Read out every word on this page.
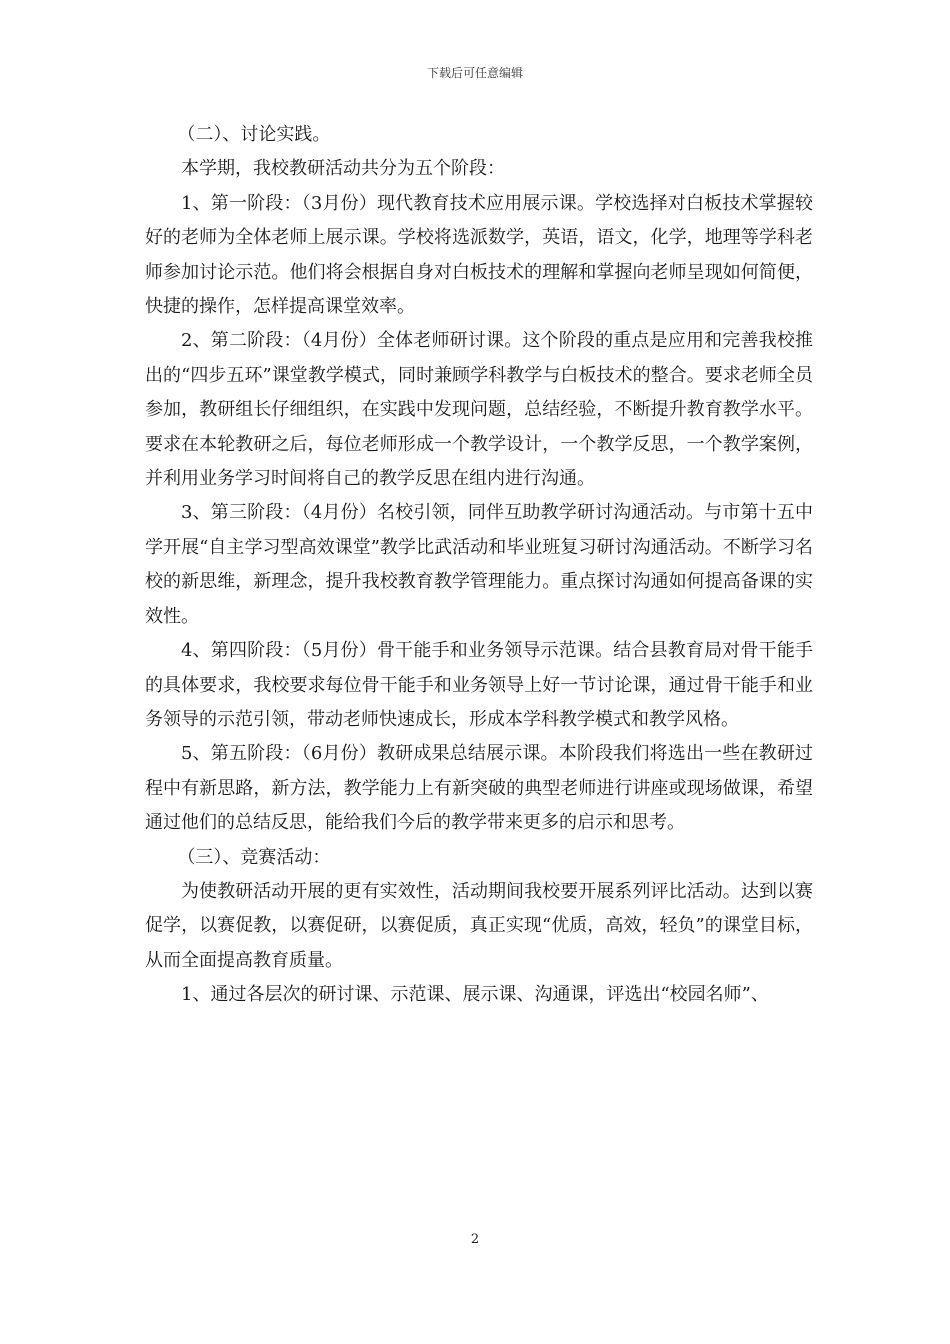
下载后可任意编辑

（二）、讨论实践。

本学期，我校教研活动共分为五个阶段：

1、第一阶段：（3月份）现代教育技术应用展示课。学校选择对白板技术掌握较好的老师为全体老师上展示课。学校将选派数学，英语，语文，化学，地理等学科老师参加讨论示范。他们将会根据自身对白板技术的理解和掌握向老师呈现如何简便，快捷的操作，怎样提高课堂效率。

2、第二阶段：（4月份）全体老师研讨课。这个阶段的重点是应用和完善我校推出的“四步五环”课堂教学模式，同时兼顾学科教学与白板技术的整合。要求老师全员参加，教研组长仔细组织，在实践中发现问题，总结经验，不断提升教育教学水平。要求在本轮教研之后，每位老师形成一个教学设计，一个教学反思，一个教学案例，并利用业务学习时间将自己的教学反思在组内进行沟通。

3、第三阶段：（4月份）名校引领，同伴互助教学研讨沟通活动。与市第十五中学开展“自主学习型高效课堂”教学比武活动和毕业班复习研讨沟通活动。不断学习名校的新思维，新理念，提升我校教育教学管理能力。重点探讨沟通如何提高备课的实效性。

4、第四阶段：（5月份）骨干能手和业务领导示范课。结合县教育局对骨干能手的具体要求，我校要求每位骨干能手和业务领导上好一节讨论课，通过骨干能手和业务领导的示范引领，带动老师快速成长，形成本学科教学模式和教学风格。

5、第五阶段：（6月份）教研成果总结展示课。本阶段我们将选出一些在教研过程中有新思路，新方法，教学能力上有新突破的典型老师进行讲座或现场做课，希望通过他们的总结反思，能给我们今后的教学带来更多的启示和思考。

（三）、竞赛活动：

为使教研活动开展的更有实效性，活动期间我校要开展系列评比活动。达到以赛促学，以赛促教，以赛促研，以赛促质，真正实现“优质，高效，轻负”的课堂目标，从而全面提高教育质量。

1、通过各层次的研讨课、示范课、展示课、沟通课，评选出“校园名师”、

2
